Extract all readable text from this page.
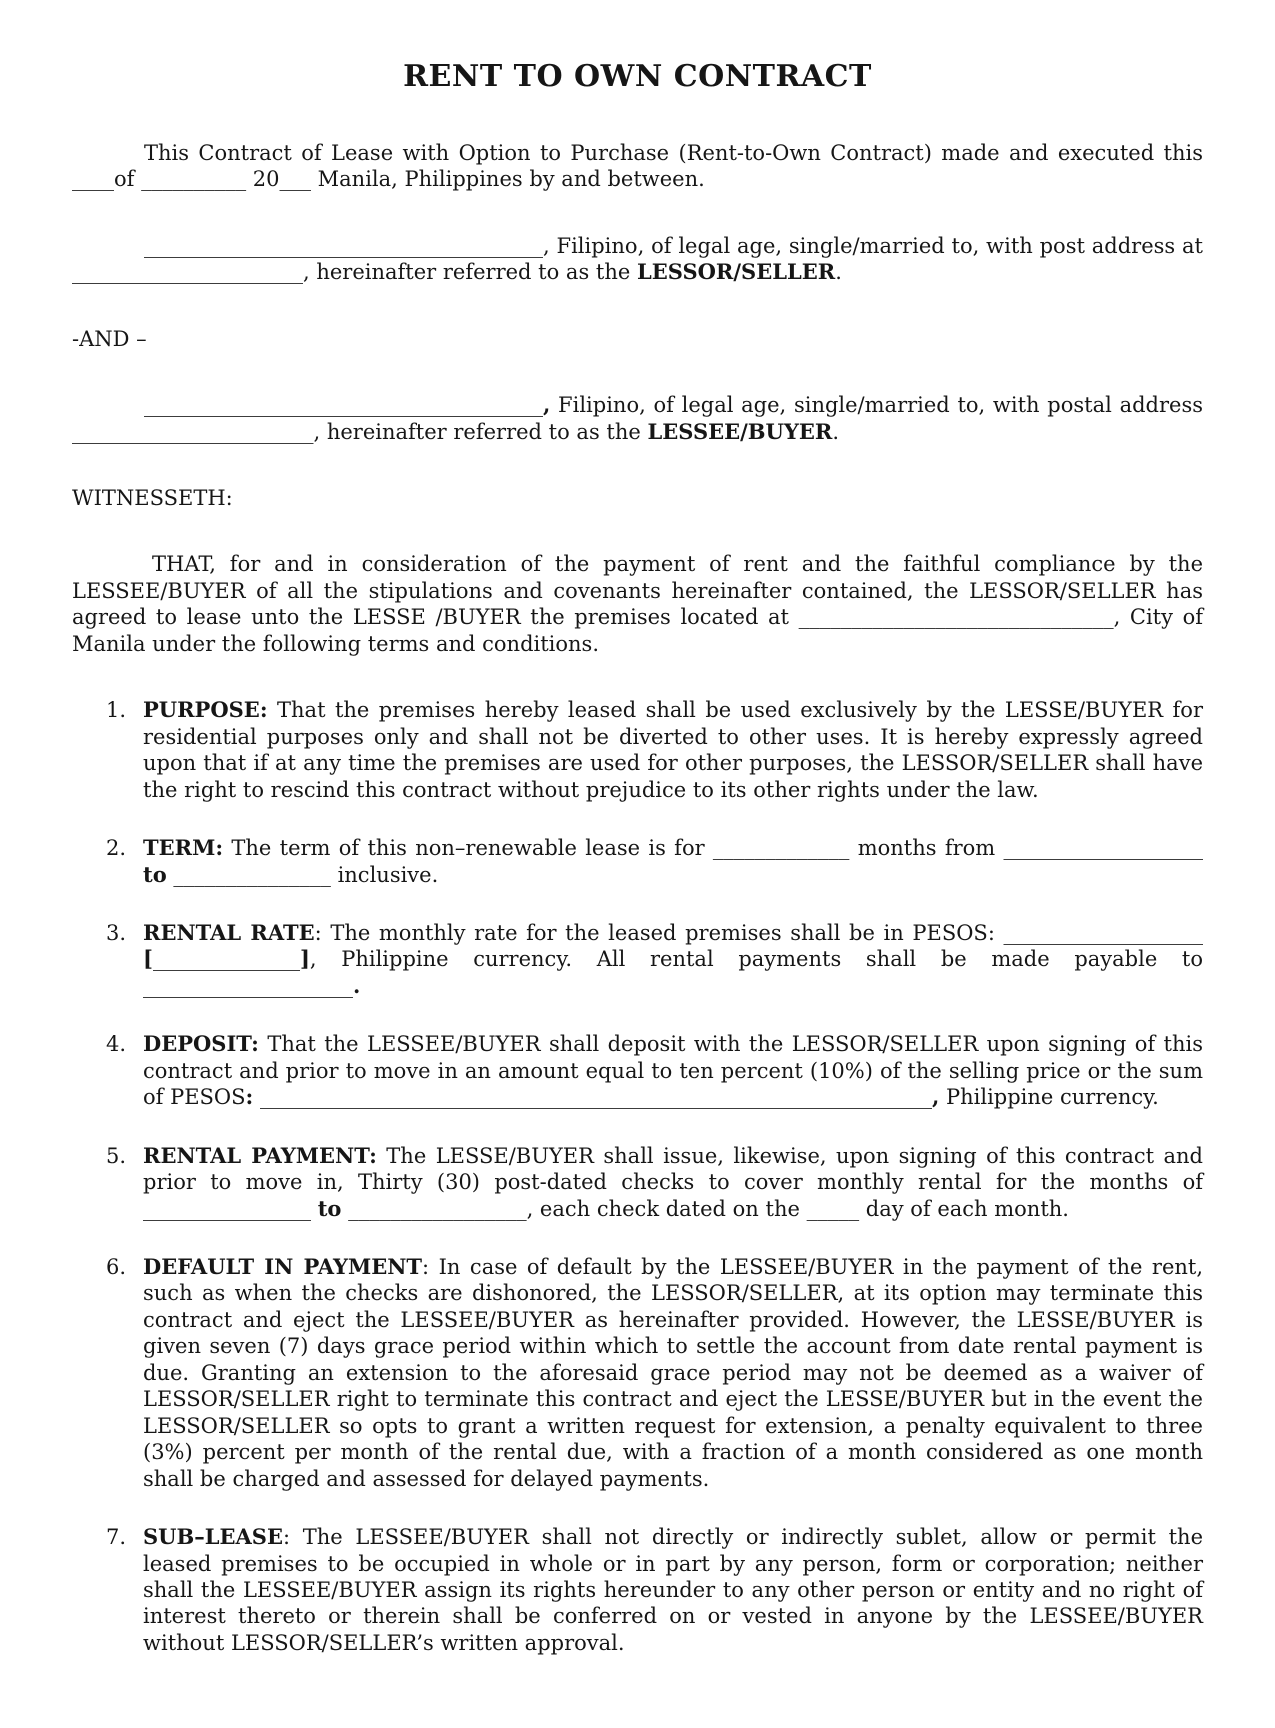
RENT TO OWN CONTRACT

This Contract of Lease with Option to Purchase (Rent-to-Own Contract) made and executed this ____of __________ 20___ Manila, Philippines by and between.

______________________________________, Filipino, of legal age, single/married to, with post address at ______________________, hereinafter referred to as the LESSOR/SELLER.

-AND –

______________________________________, Filipino, of legal age, single/married to, with postal address _______________________, hereinafter referred to as the LESSEE/BUYER.

WITNESSETH:

THAT, for and in consideration of the payment of rent and the faithful compliance by the LESSEE/BUYER of all the stipulations and covenants hereinafter contained, the LESSOR/SELLER has agreed to lease unto the LESSE /BUYER the premises located at ______________________________, City of Manila under the following terms and conditions.

1. PURPOSE: That the premises hereby leased shall be used exclusively by the LESSE/BUYER for residential purposes only and shall not be diverted to other uses. It is hereby expressly agreed upon that if at any time the premises are used for other purposes, the LESSOR/SELLER shall have the right to rescind this contract without prejudice to its other rights under the law.

2. TERM: The term of this non–renewable lease is for _____________ months from ___________________ to _______________ inclusive.

3. RENTAL RATE: The monthly rate for the leased premises shall be in PESOS: ___________________ [______________], Philippine currency. All rental payments shall be made payable to ____________________.

4. DEPOSIT: That the LESSEE/BUYER shall deposit with the LESSOR/SELLER upon signing of this contract and prior to move in an amount equal to ten percent (10%) of the selling price or the sum of PESOS: ________________________________________________________________, Philippine currency.

5. RENTAL PAYMENT: The LESSE/BUYER shall issue, likewise, upon signing of this contract and prior to move in, Thirty (30) post-dated checks to cover monthly rental for the months of ________________ to _________________, each check dated on the _____ day of each month.

6. DEFAULT IN PAYMENT: In case of default by the LESSEE/BUYER in the payment of the rent, such as when the checks are dishonored, the LESSOR/SELLER, at its option may terminate this contract and eject the LESSEE/BUYER as hereinafter provided. However, the LESSE/BUYER is given seven (7) days grace period within which to settle the account from date rental payment is due. Granting an extension to the aforesaid grace period may not be deemed as a waiver of LESSOR/SELLER right to terminate this contract and eject the LESSE/BUYER but in the event the LESSOR/SELLER so opts to grant a written request for extension, a penalty equivalent to three (3%) percent per month of the rental due, with a fraction of a month considered as one month shall be charged and assessed for delayed payments.

7. SUB–LEASE: The LESSEE/BUYER shall not directly or indirectly sublet, allow or permit the leased premises to be occupied in whole or in part by any person, form or corporation; neither shall the LESSEE/BUYER assign its rights hereunder to any other person or entity and no right of interest thereto or therein shall be conferred on or vested in anyone by the LESSEE/BUYER without LESSOR/SELLER’s written approval.
